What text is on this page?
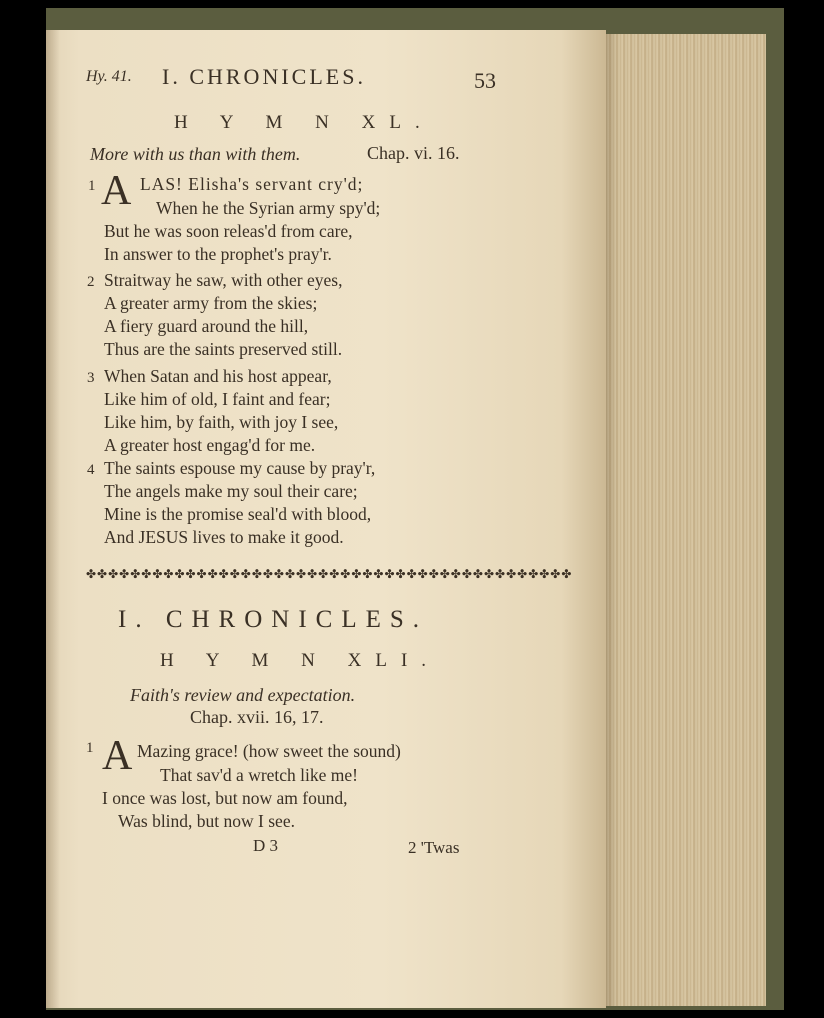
Hy. 41. I. CHRONICLES.	53
H Y M N XL.
More with us than with them.	Chap. vi. 16.
1 A LAS! Elisha's servant cry'd;
When he the Syrian army spy'd;
But he was soon releas'd from care,
In answer to the prophet's pray'r.
2 Straitway he saw, with other eyes,
A greater army from the skies;
A fiery guard around the hill,
Thus are the saints preserved still.
3 When Satan and his host appear,
Like him of old, I faint and fear;
Like him, by faith, with joy I see,
A greater host engag'd for me.
4 The saints espouse my cause by pray'r,
The angels make my soul their care;
Mine is the promise seal'd with blood,
And JESUS lives to make it good.
✤✤✤✤✤✤✤✤✤✤✤✤✤✤✤✤✤✤✤✤✤✤✤✤✤✤✤✤✤✤✤✤✤✤✤✤✤✤✤✤✤✤✤✤
I. CHRONICLES.
H Y M N XLI.
Faith's review and expectation.
Chap. xvii. 16, 17.
1 A Mazing grace! (how sweet the sound)
That sav'd a wretch like me!
I once was lost, but now am found,
Was blind, but now I see.
D 3	2 'Twas
